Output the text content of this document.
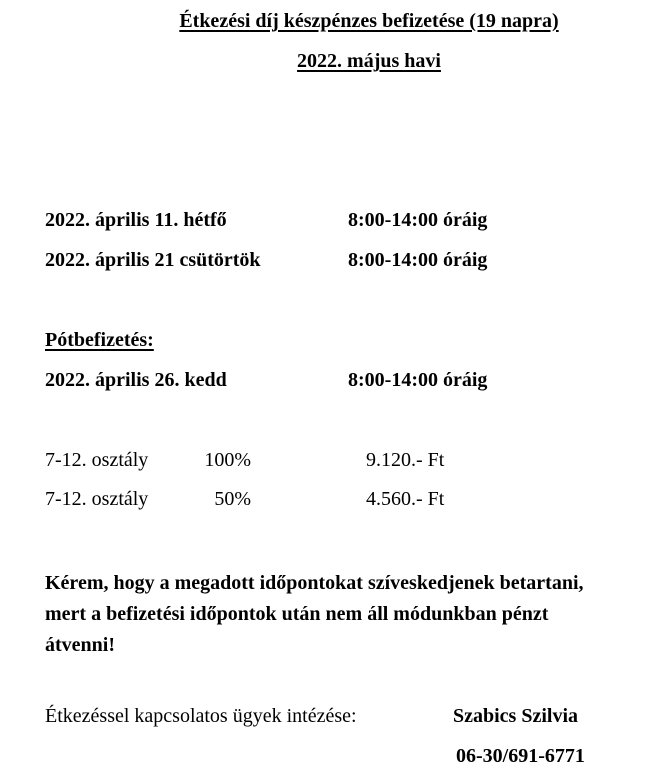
Étkezési díj készpénzes befizetése (19 napra)
2022. május havi
2022. április 11. hétfő	8:00-14:00 óráig
2022. április 21 csütörtök	8:00-14:00 óráig
Pótbefizetés:
2022. április 26. kedd	8:00-14:00 óráig
7-12. osztály	100%	9.120.- Ft
7-12. osztály	50%	4.560.- Ft
Kérem, hogy a megadott időpontokat szíveskedjenek betartani,
mert a befizetési időpontok után nem áll módunkban pénzt
átvenni!
Étkezéssel kapcsolatos ügyek intézése:	Szabics Szilvia
06-30/691-6771
